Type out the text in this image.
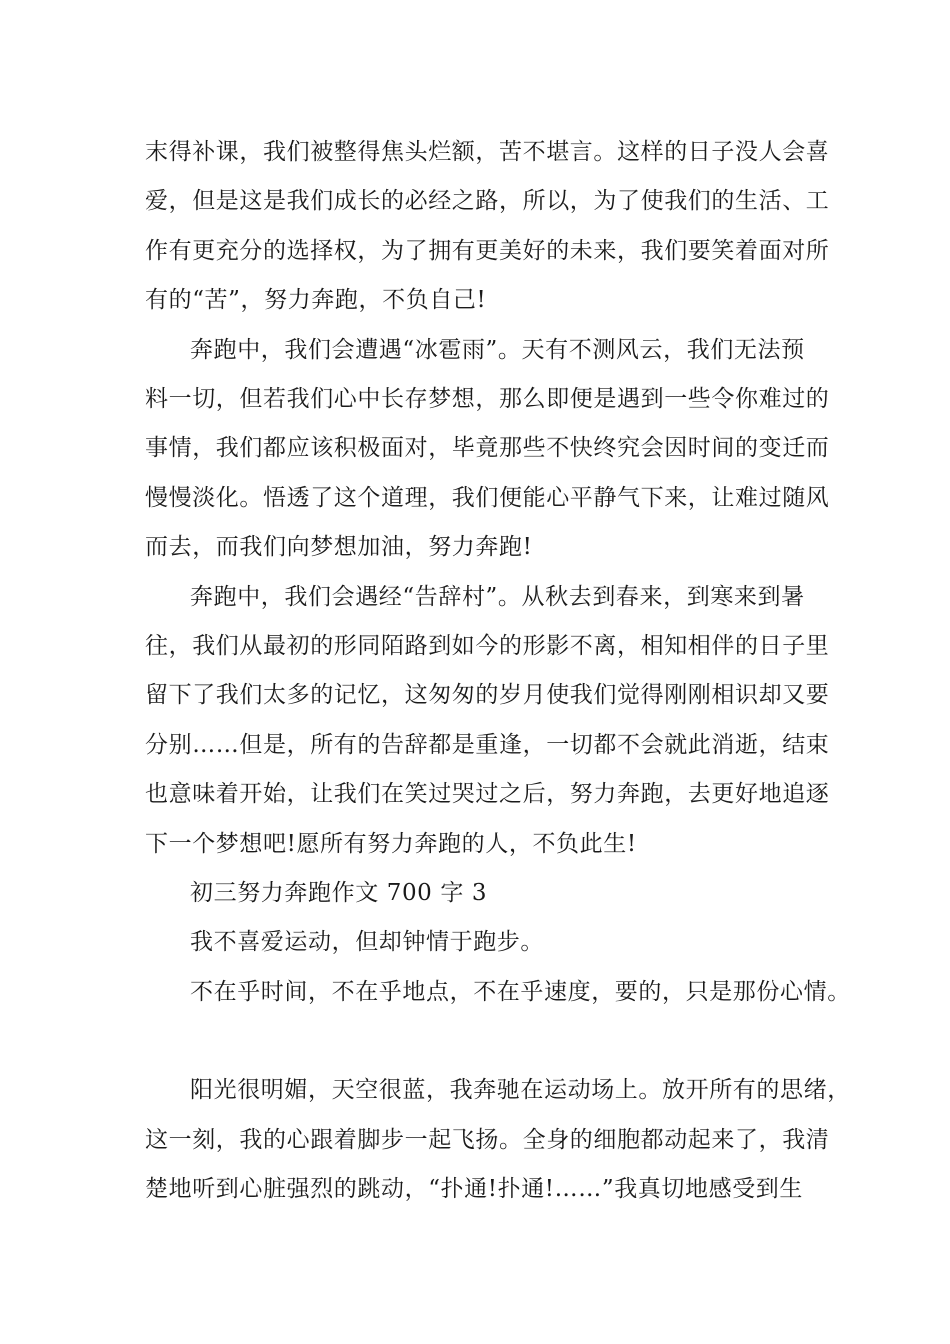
末得补课，我们被整得焦头烂额，苦不堪言。这样的日子没人会喜
爱，但是这是我们成长的必经之路，所以，为了使我们的生活、工
作有更充分的选择权，为了拥有更美好的未来，我们要笑着面对所
有的“苦”，努力奔跑，不负自己!
奔跑中，我们会遭遇“冰雹雨”。天有不测风云，我们无法预
料一切，但若我们心中长存梦想，那么即便是遇到一些令你难过的
事情，我们都应该积极面对，毕竟那些不快终究会因时间的变迁而
慢慢淡化。悟透了这个道理，我们便能心平静气下来，让难过随风
而去，而我们向梦想加油，努力奔跑!
奔跑中，我们会遇经“告辞村”。从秋去到春来，到寒来到暑
往，我们从最初的形同陌路到如今的形影不离，相知相伴的日子里
留下了我们太多的记忆，这匆匆的岁月使我们觉得刚刚相识却又要
分别……但是，所有的告辞都是重逢，一切都不会就此消逝，结束
也意味着开始，让我们在笑过哭过之后，努力奔跑，去更好地追逐
下一个梦想吧!愿所有努力奔跑的人，不负此生!
初三努力奔跑作文 700 字 3
我不喜爱运动，但却钟情于跑步。
不在乎时间，不在乎地点，不在乎速度，要的，只是那份心情。
阳光很明媚，天空很蓝，我奔驰在运动场上。放开所有的思绪，
这一刻，我的心跟着脚步一起飞扬。全身的细胞都动起来了，我清
楚地听到心脏强烈的跳动，“扑通!扑通!……”我真切地感受到生
